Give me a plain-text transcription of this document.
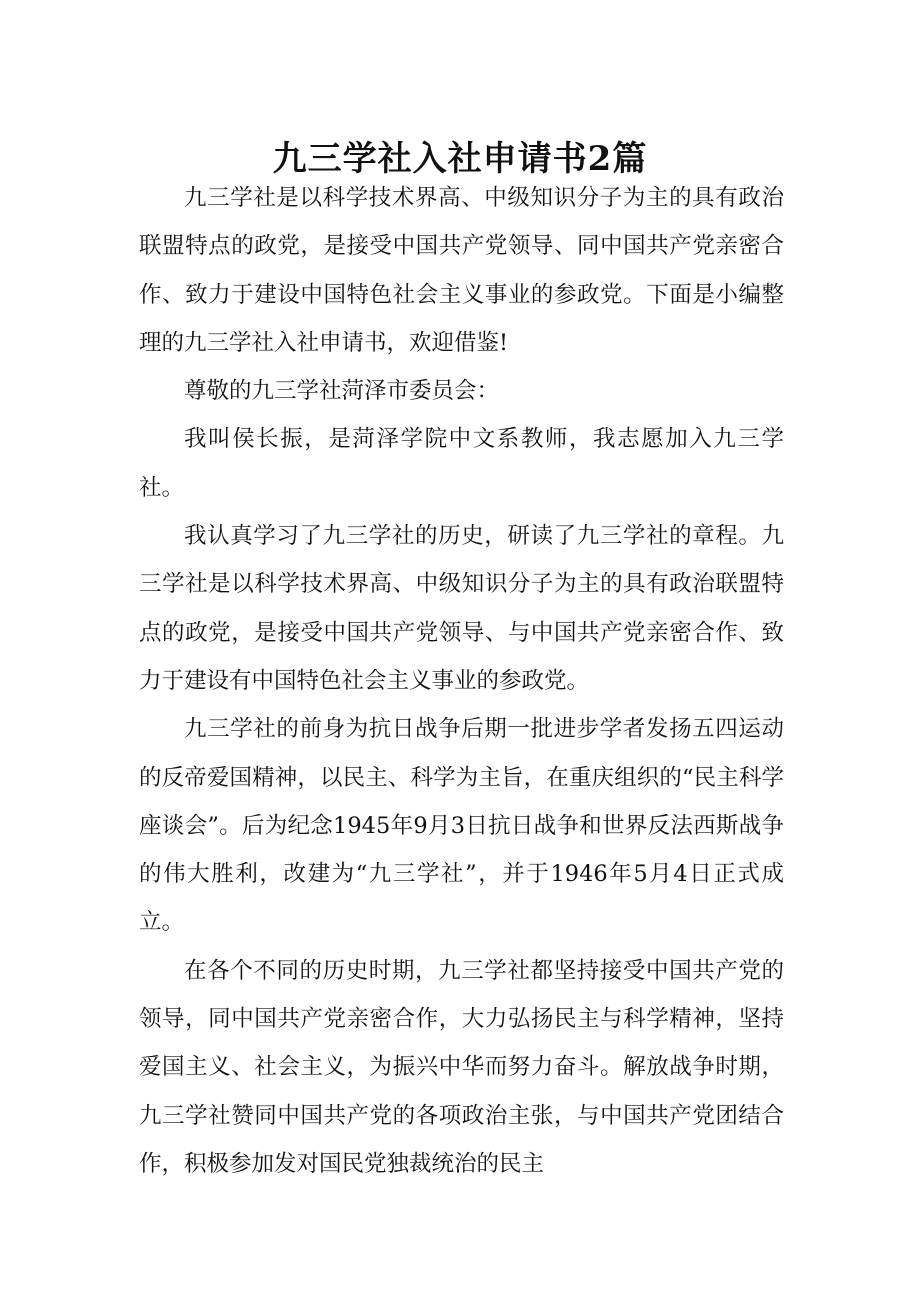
九三学社入社申请书2篇

九三学社是以科学技术界高、中级知识分子为主的具有政治联盟特点的政党，是接受中国共产党领导、同中国共产党亲密合作、致力于建设中国特色社会主义事业的参政党。下面是小编整理的九三学社入社申请书，欢迎借鉴!

尊敬的九三学社菏泽市委员会：

我叫侯长振，是菏泽学院中文系教师，我志愿加入九三学社。

我认真学习了九三学社的历史，研读了九三学社的章程。九三学社是以科学技术界高、中级知识分子为主的具有政治联盟特点的政党，是接受中国共产党领导、与中国共产党亲密合作、致力于建设有中国特色社会主义事业的参政党。

九三学社的前身为抗日战争后期一批进步学者发扬五四运动的反帝爱国精神，以民主、科学为主旨，在重庆组织的“民主科学座谈会”。后为纪念1945年9月3日抗日战争和世界反法西斯战争的伟大胜利，改建为“九三学社”，并于1946年5月4日正式成立。

在各个不同的历史时期，九三学社都坚持接受中国共产党的领导，同中国共产党亲密合作，大力弘扬民主与科学精神，坚持爱国主义、社会主义，为振兴中华而努力奋斗。解放战争时期，九三学社赞同中国共产党的各项政治主张，与中国共产党团结合作，积极参加发对国民党独裁统治的民主
